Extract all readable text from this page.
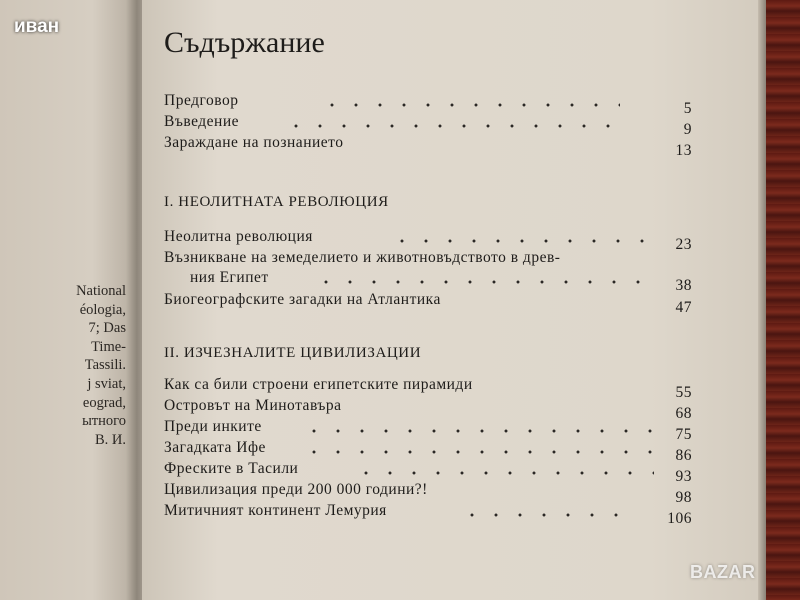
National
éologia,
7; Das
Time-
Tassili.
j sviat,
eograd,
ытного
В. И.
Съдържание
Предговор	5
Въведение	9
Зараждане на познанието	13
I. НЕОЛИТНАТА РЕВОЛЮЦИЯ
Неолитна революция	23
Възникване на земеделието и животновъдството в древ-
ния Египет	38
Биогеографските загадки на Атлантика	47
II. ИЗЧЕЗНАЛИТЕ ЦИВИЛИЗАЦИИ
Как са били строени египетските пирамиди	55
Островът на Минотавъра	68
Преди инките	75
Загадката Ифе	86
Фреските в Тасили	93
Цивилизация преди 200 000 години?!	98
Митичният континент Лемурия	106
иван
BAZAR
